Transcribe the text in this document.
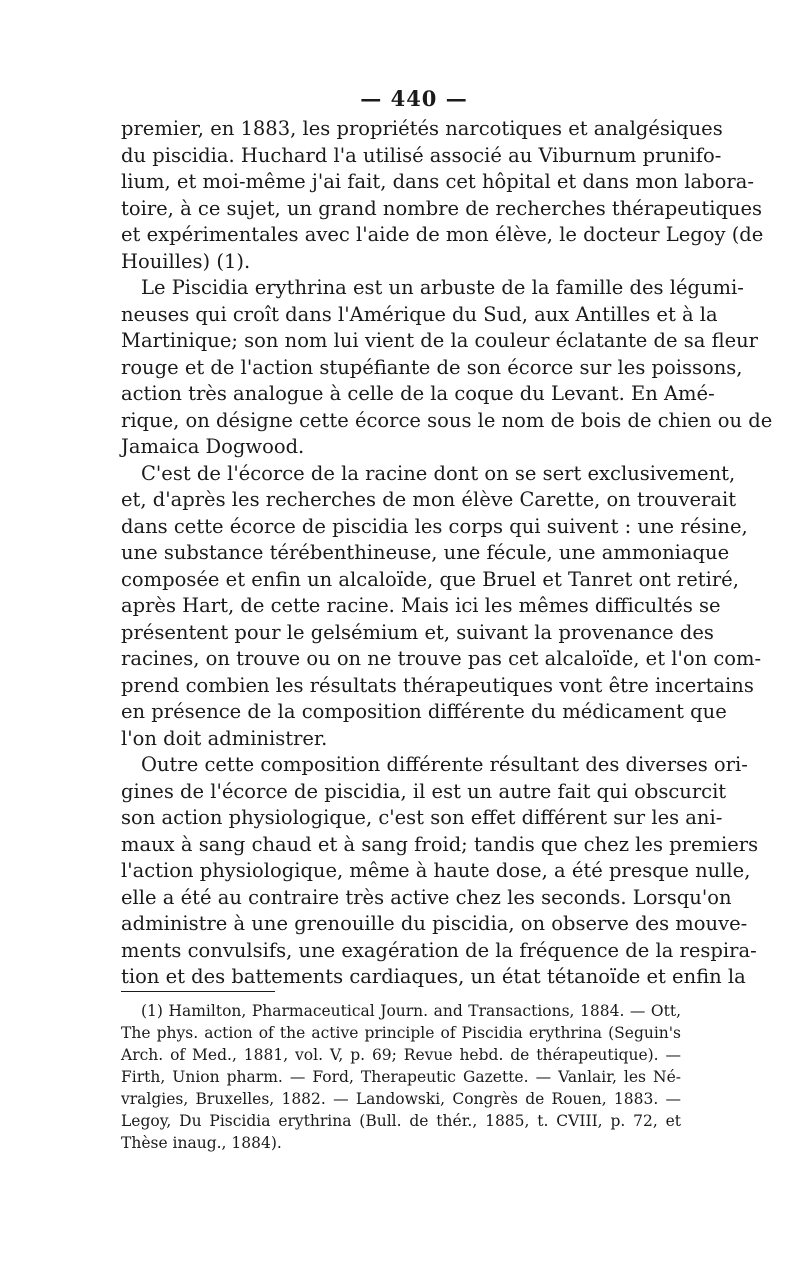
— 440 —
premier, en 1883, les propriétés narcotiques et analgésiques
du piscidia. Huchard l'a utilisé associé au Viburnum prunifo-
lium, et moi-même j'ai fait, dans cet hôpital et dans mon labora-
toire, à ce sujet, un grand nombre de recherches thérapeutiques
et expérimentales avec l'aide de mon élève, le docteur Legoy (de
Houilles) (1).
Le Piscidia erythrina est un arbuste de la famille des légumi-
neuses qui croît dans l'Amérique du Sud, aux Antilles et à la
Martinique; son nom lui vient de la couleur éclatante de sa fleur
rouge et de l'action stupéfiante de son écorce sur les poissons,
action très analogue à celle de la coque du Levant. En Amé-
rique, on désigne cette écorce sous le nom de bois de chien ou de
Jamaica Dogwood.
C'est de l'écorce de la racine dont on se sert exclusivement,
et, d'après les recherches de mon élève Carette, on trouverait
dans cette écorce de piscidia les corps qui suivent : une résine,
une substance térébenthineuse, une fécule, une ammoniaque
composée et enfin un alcaloïde, que Bruel et Tanret ont retiré,
après Hart, de cette racine. Mais ici les mêmes difficultés se
présentent pour le gelsémium et, suivant la provenance des
racines, on trouve ou on ne trouve pas cet alcaloïde, et l'on com-
prend combien les résultats thérapeutiques vont être incertains
en présence de la composition différente du médicament que
l'on doit administrer.
Outre cette composition différente résultant des diverses ori-
gines de l'écorce de piscidia, il est un autre fait qui obscurcit
son action physiologique, c'est son effet différent sur les ani-
maux à sang chaud et à sang froid; tandis que chez les premiers
l'action physiologique, même à haute dose, a été presque nulle,
elle a été au contraire très active chez les seconds. Lorsqu'on
administre à une grenouille du piscidia, on observe des mouve-
ments convulsifs, une exagération de la fréquence de la respira-
tion et des battements cardiaques, un état tétanoïde et enfin la
(1) Hamilton, Pharmaceutical Journ. and Transactions, 1884. — Ott,
The phys. action of the active principle of Piscidia erythrina (Seguin's
Arch. of Med., 1881, vol. V, p. 69; Revue hebd. de thérapeutique). —
Firth, Union pharm. — Ford, Therapeutic Gazette. — Vanlair, les Né-
vralgies, Bruxelles, 1882. — Landowski, Congrès de Rouen, 1883. —
Legoy, Du Piscidia erythrina (Bull. de thér., 1885, t. CVIII, p. 72, et
Thèse inaug., 1884).
